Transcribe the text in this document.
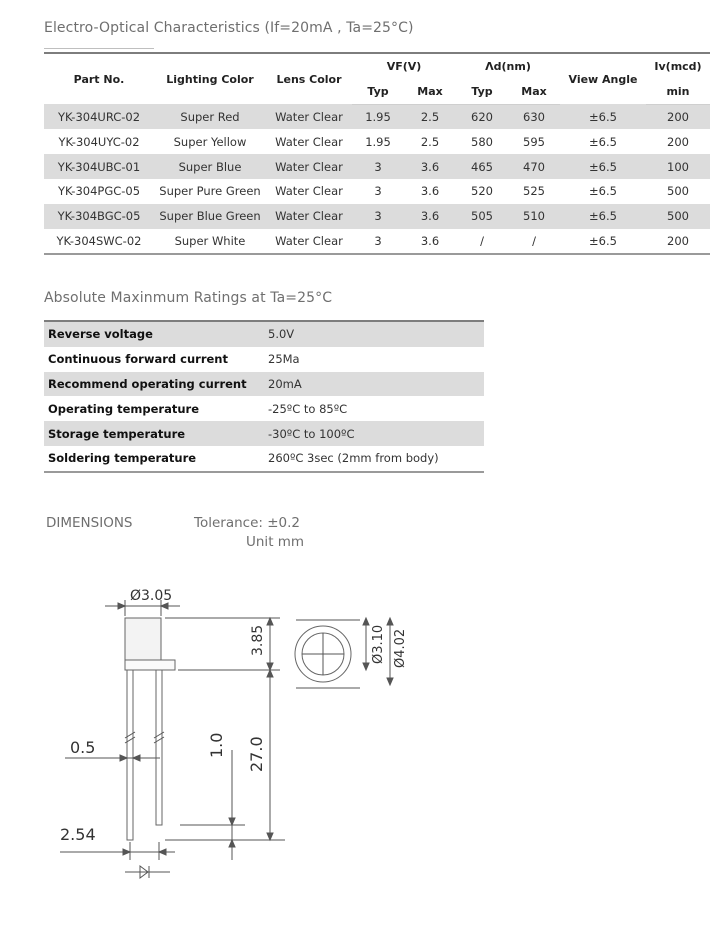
Electro-Optical Characteristics (If=20mA , Ta=25°C)
Part No.	Lighting Color	Lens Color	VF(V)		Λd(nm)		View Angle	Iv(mcd)
			Typ	Max	Typ	Max		min
YK-304URC-02	Super Red	Water Clear	1.95	2.5	620	630	±6.5	200
YK-304UYC-02	Super Yellow	Water Clear	1.95	2.5	580	595	±6.5	200
YK-304UBC-01	Super Blue	Water Clear	3	3.6	465	470	±6.5	100
YK-304PGC-05	Super Pure Green	Water Clear	3	3.6	520	525	±6.5	500
YK-304BGC-05	Super Blue Green	Water Clear	3	3.6	505	510	±6.5	500
YK-304SWC-02	Super White	Water Clear	3	3.6	/	/	±6.5	200
Absolute Maxinmum Ratings at Ta=25°C
Reverse voltage	5.0V
Continuous forward current	25Ma
Recommend operating current	20mA
Operating temperature	-25ºC to 85ºC
Storage temperature	-30ºC to 100ºC
Soldering temperature	260ºC 3sec (2mm from body)
DIMENSIONS	Tolerance: ±0.2
Unit mm
Ø3.05
3.85
27.0
1.0
0.5
2.54
Ø3.10 Ø4.02
